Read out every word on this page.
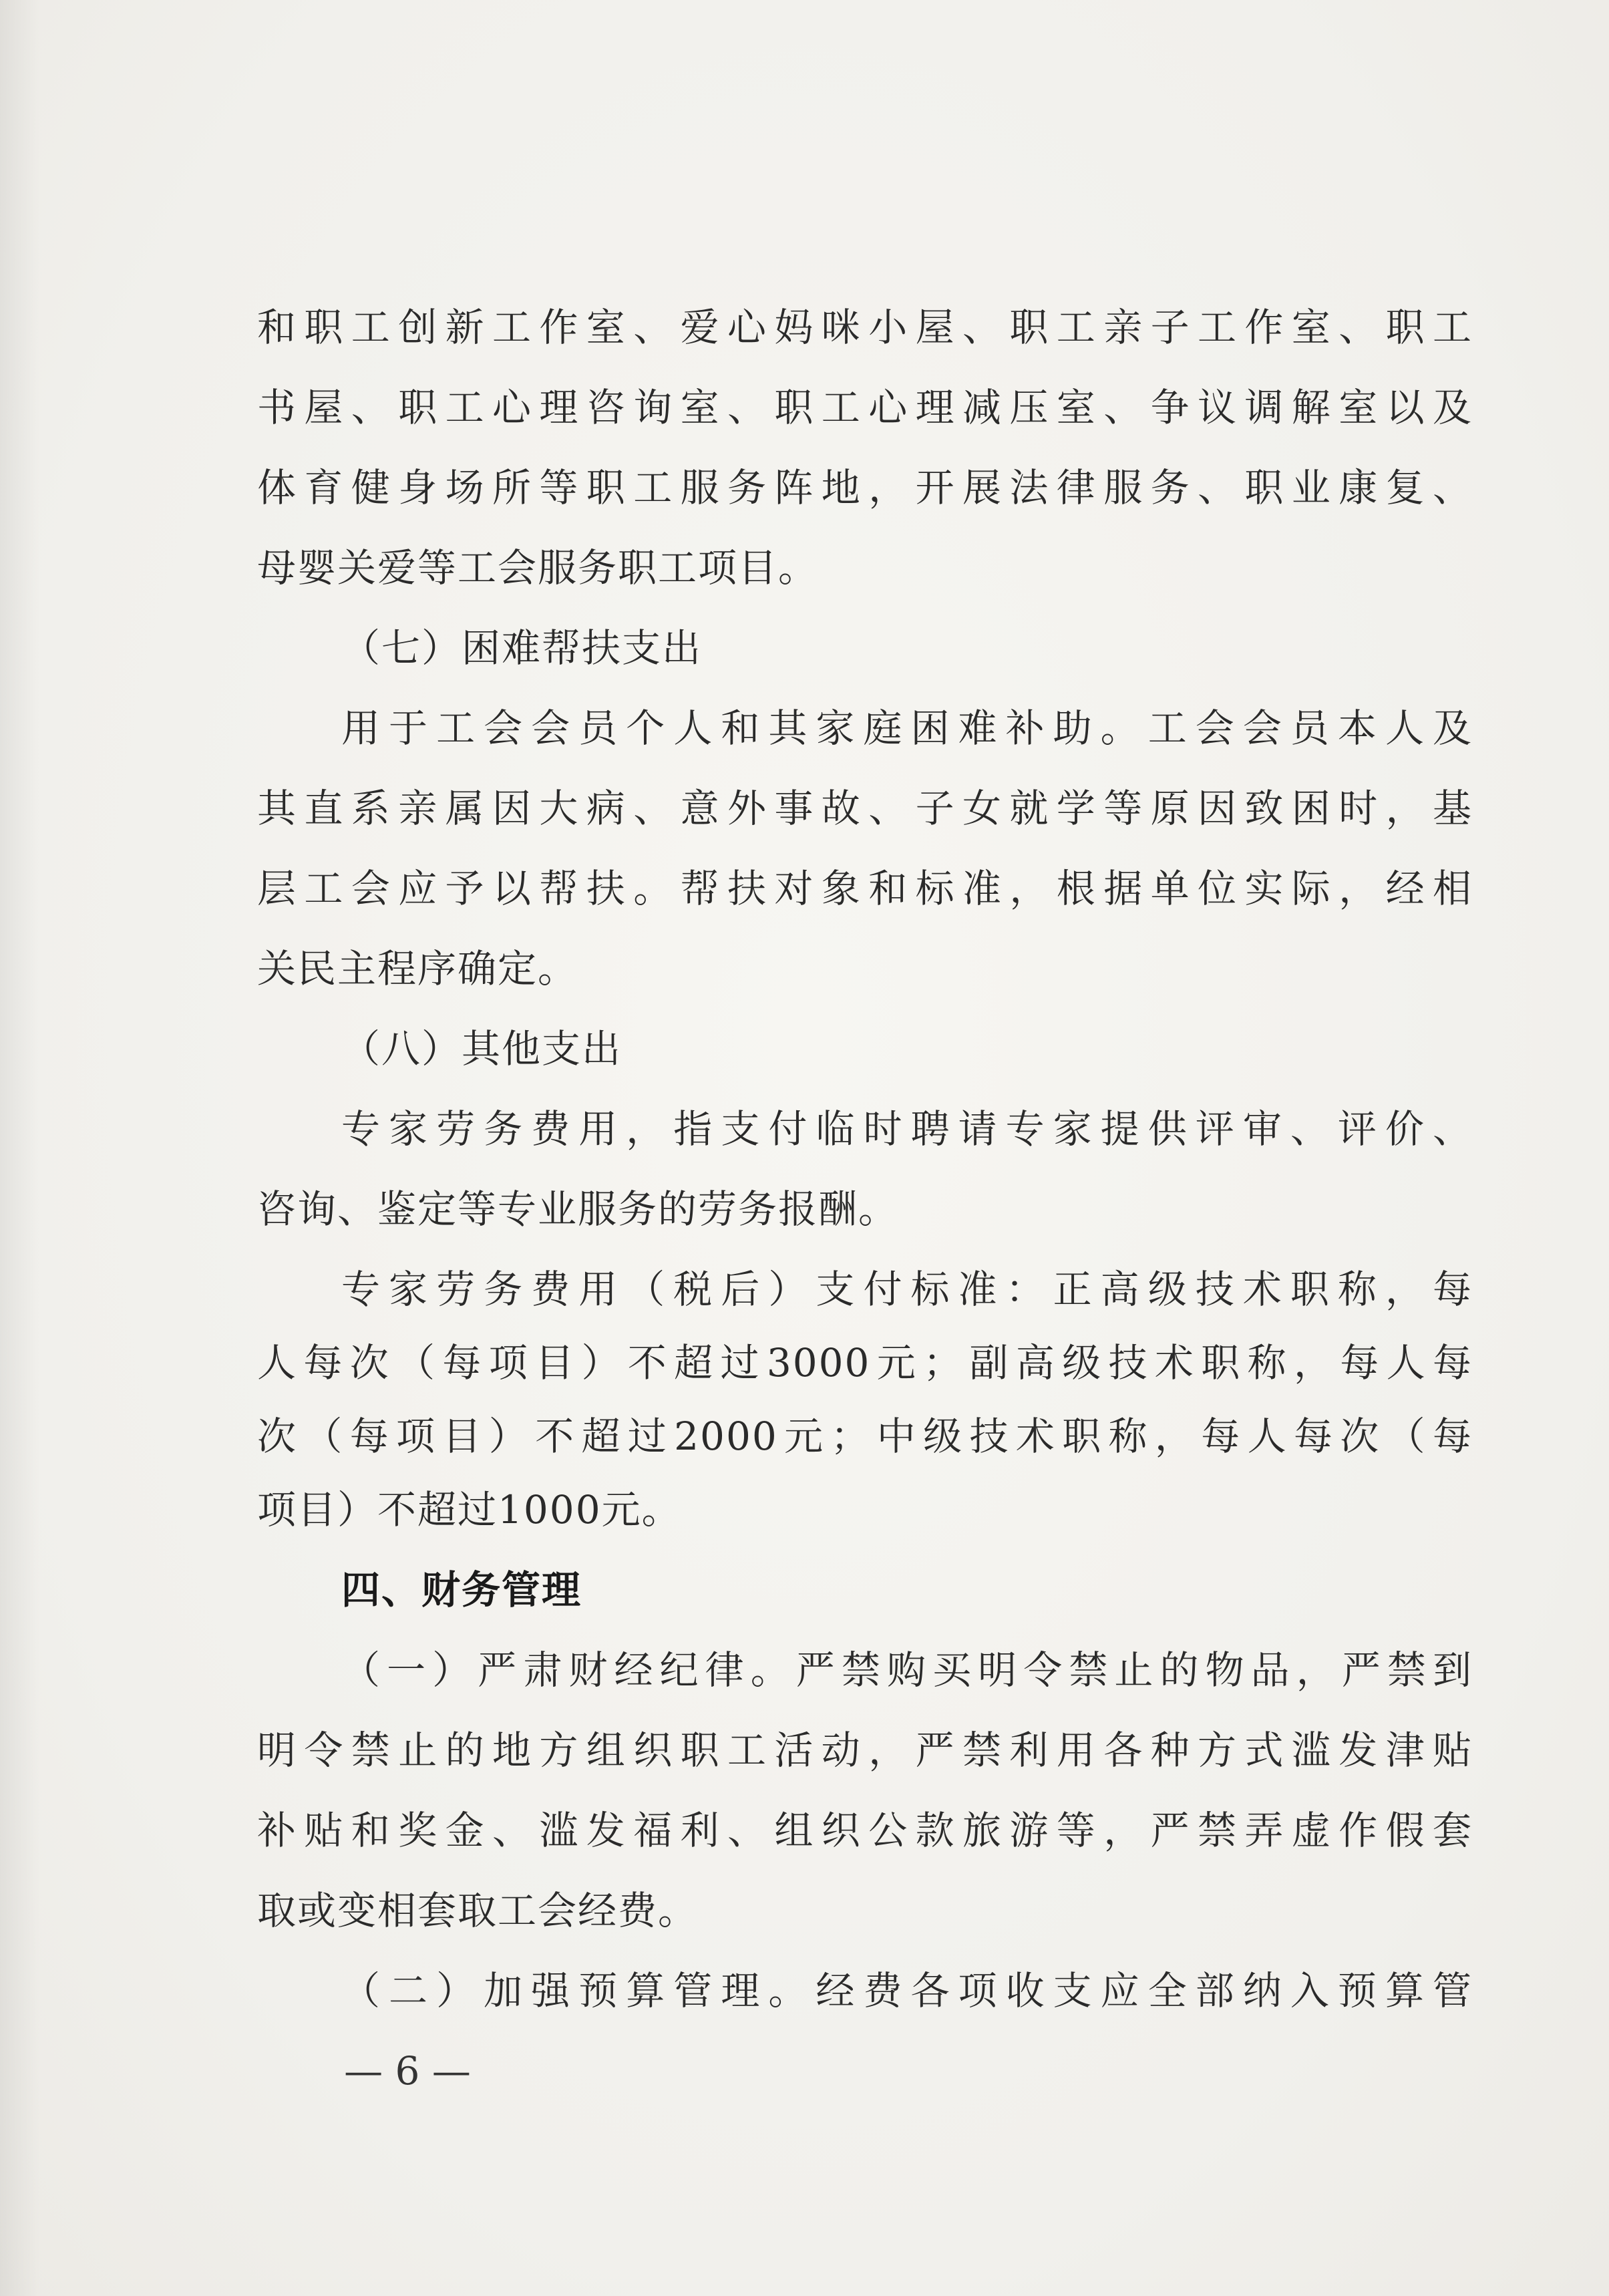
和职工创新工作室、爱心妈咪小屋、职工亲子工作室、职工
书屋、职工心理咨询室、职工心理减压室、争议调解室以及
体育健身场所等职工服务阵地，开展法律服务、职业康复、
母婴关爱等工会服务职工项目。
（七）困难帮扶支出
用于工会会员个人和其家庭困难补助。工会会员本人及
其直系亲属因大病、意外事故、子女就学等原因致困时，基
层工会应予以帮扶。帮扶对象和标准，根据单位实际，经相
关民主程序确定。
（八）其他支出
专家劳务费用，指支付临时聘请专家提供评审、评价、
咨询、鉴定等专业服务的劳务报酬。
专家劳务费用（税后）支付标准：正高级技术职称，每
人每次（每项目）不超过3000元；副高级技术职称，每人每
次（每项目）不超过2000元；中级技术职称，每人每次（每
项目）不超过1000元。
四、财务管理
（一）严肃财经纪律。严禁购买明令禁止的物品，严禁到
明令禁止的地方组织职工活动，严禁利用各种方式滥发津贴
补贴和奖金、滥发福利、组织公款旅游等，严禁弄虚作假套
取或变相套取工会经费。
（二）加强预算管理。经费各项收支应全部纳入预算管
— 6 —
